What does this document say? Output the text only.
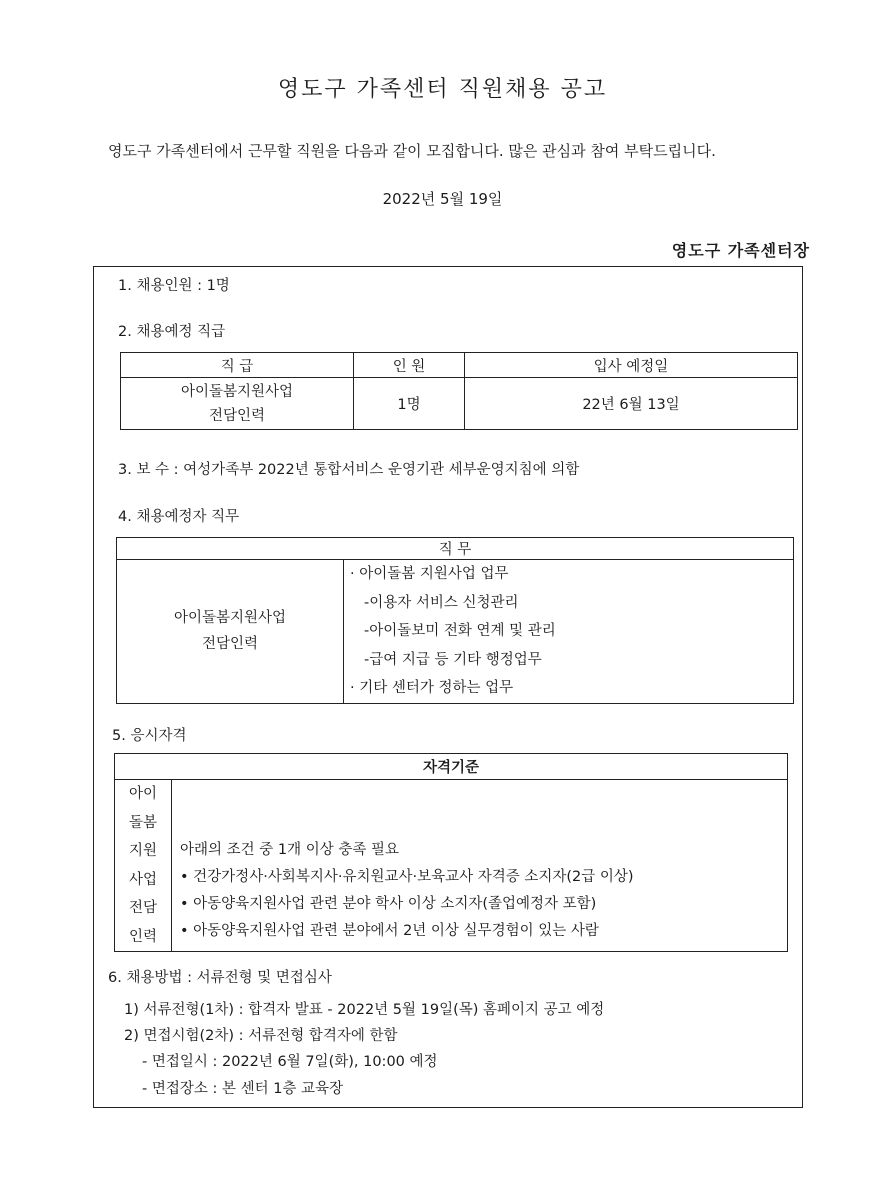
영도구 가족센터 직원채용 공고
영도구 가족센터에서 근무할 직원을 다음과 같이 모집합니다. 많은 관심과 참여 부탁드립니다.
2022년 5월 19일
영도구 가족센터장
1. 채용인원 : 1명
2. 채용예정 직급
직 급	인 원	입사 예정일

아이돌봄지원사업
전담인력	1명	22년 6월 13일
3. 보 수 : 여성가족부 2022년 통합서비스 운영기관 세부운영지침에 의함
4. 채용예정자 직무
직 무

아이돌봄지원사업
전담인력

· 아이돌봄 지원사업 업무
-이용자 서비스 신청관리
-아이돌보미 전화 연계 및 관리
-급여 지급 등 기타 행정업무
· 기타 센터가 정하는 업무
5. 응시자격
자격기준

아이
돌봄
지원
사업
전담
인력

아래의 조건 중 1개 이상 충족 필요
• 건강가정사·사회복지사·유치원교사·보육교사 자격증 소지자(2급 이상)
• 아동양육지원사업 관련 분야 학사 이상 소지자(졸업예정자 포함)
• 아동양육지원사업 관련 분야에서 2년 이상 실무경험이 있는 사람
6. 채용방법 : 서류전형 및 면접심사
1) 서류전형(1차) : 합격자 발표 - 2022년 5월 19일(목) 홈페이지 공고 예정
2) 면접시험(2차) : 서류전형 합격자에 한함
- 면접일시 : 2022년 6월 7일(화), 10:00 예정
- 면접장소 : 본 센터 1층 교육장
